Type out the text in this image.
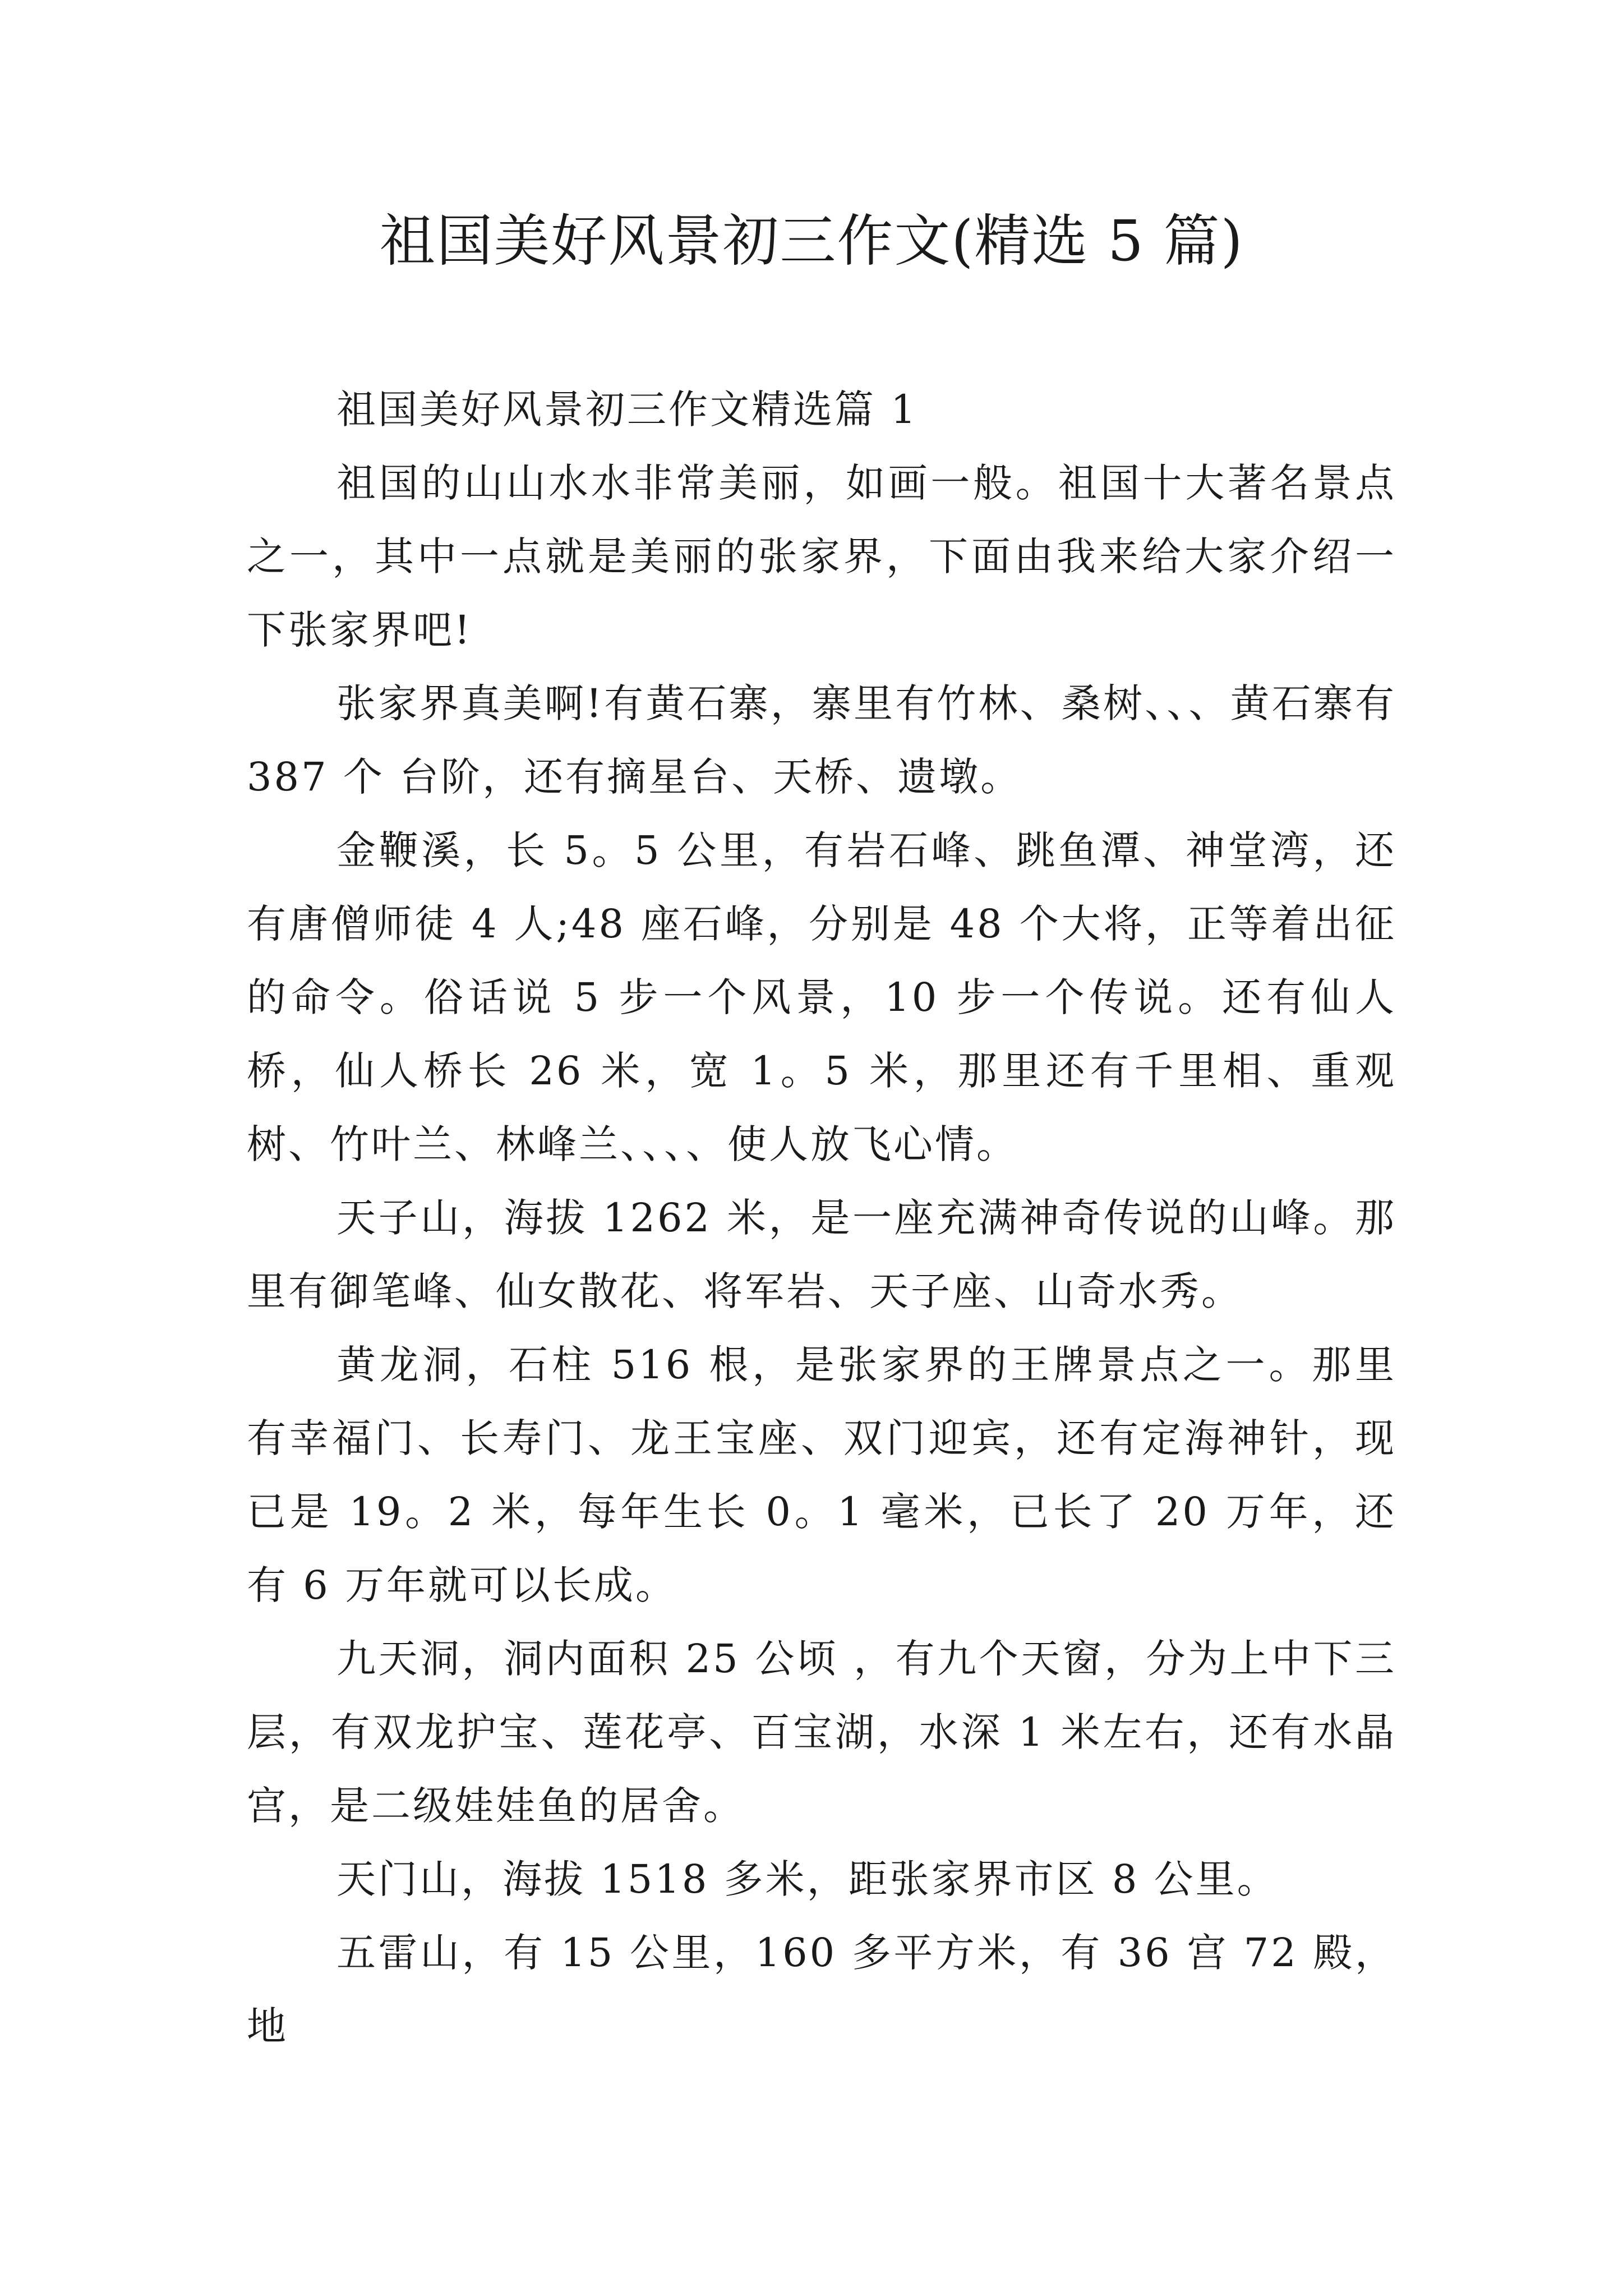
祖国美好风景初三作文(精选 5 篇)

祖国美好风景初三作文精选篇 1

祖国的山山水水非常美丽，如画一般。祖国十大著名景点之一，其中一点就是美丽的张家界，下面由我来给大家介绍一下张家界吧!

张家界真美啊!有黄石寨，寨里有竹林、桑树、、、黄石寨有 387 个 台阶，还有摘星台、天桥、遗墩。

金鞭溪，长 5。5 公里，有岩石峰、跳鱼潭、神堂湾，还有唐僧师徒 4 人;48 座石峰，分别是 48 个大将，正等着出征的命令。俗话说 5 步一个风景，10 步一个传说。还有仙人桥，仙人桥长 26 米，宽 1。5 米，那里还有千里相、重观树、竹叶兰、林峰兰、、、、使人放飞心情。

天子山，海拔 1262 米，是一座充满神奇传说的山峰。那里有御笔峰、仙女散花、将军岩、天子座、山奇水秀。

黄龙洞，石柱 516 根，是张家界的王牌景点之一。那里有幸福门、长寿门、龙王宝座、双门迎宾，还有定海神针，现已是 19。2 米，每年生长 0。1 毫米，已长了 20 万年，还有 6 万年就可以长成。

九天洞，洞内面积 25 公顷 ，有九个天窗，分为上中下三层，有双龙护宝、莲花亭、百宝湖，水深 1 米左右，还有水晶宫，是二级娃娃鱼的居舍。

天门山，海拔 1518 多米，距张家界市区 8 公里。

五雷山，有 15 公里，160 多平方米，有 36 宫 72 殿，地
